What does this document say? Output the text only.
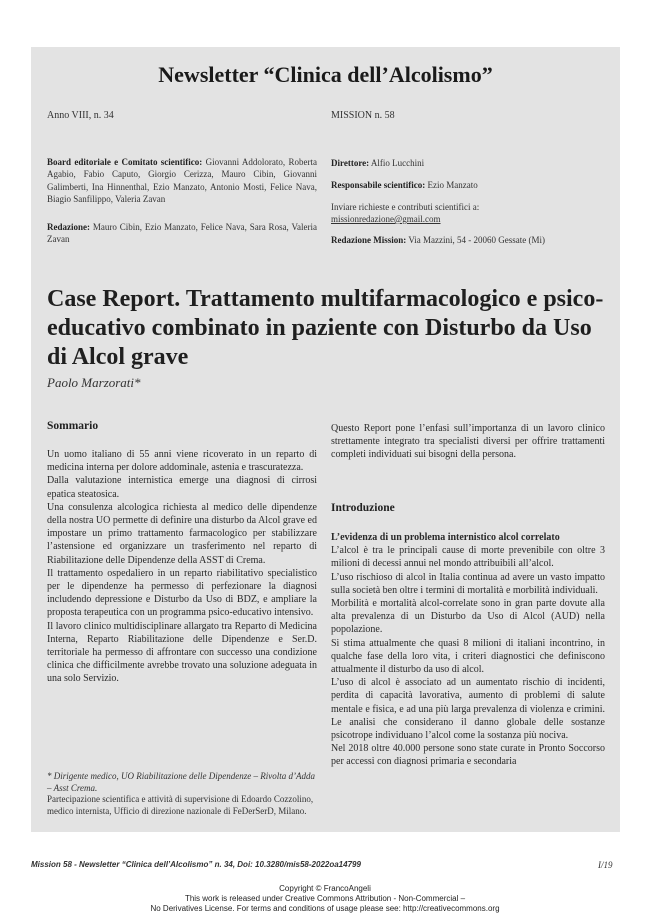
Newsletter “Clinica dell’Alcolismo”
Anno VIII, n. 34	MISSION n. 58
Board editoriale e Comitato scientifico: Giovanni Addolorato, Roberta Agabio, Fabio Caputo, Giorgio Cerizza, Mauro Cibin, Giovanni Galimberti, Ina Hinnenthal, Ezio Manzato, Antonio Mosti, Felice Nava, Biagio Sanfilippo, Valeria Zavan
Redazione: Mauro Cibin, Ezio Manzato, Felice Nava, Sara Rosa, Valeria Zavan
Direttore: Alfio Lucchini
Responsabile scientifico: Ezio Manzato
Inviare richieste e contributi scientifici a:
missionredazione@gmail.com
Redazione Mission: Via Mazzini, 54 - 20060 Gessate (Mi)
Case Report. Trattamento multifarmacologico e psico-educativo combinato in paziente con Disturbo da Uso di Alcol grave
Paolo Marzorati*
Sommario

Un uomo italiano di 55 anni viene ricoverato in un reparto di medicina interna per dolore addominale, astenia e trascuratezza.

Dalla valutazione internistica emerge una diagnosi di cirrosi epatica steatosica.

Una consulenza alcologica richiesta al medico delle dipendenze della nostra UO permette di definire una disturbo da Alcol grave ed impostare un primo trattamento farmacologico per stabilizzare l’astensione ed organizzare un trasferimento nel reparto di Riabilitazione delle Dipendenze della ASST di Crema.

Il trattamento ospedaliero in un reparto riabilitativo specialistico per le dipendenze ha permesso di perfezionare la diagnosi includendo depressione e Disturbo da Uso di BDZ, e ampliare la proposta terapeutica con un programma psico-educativo intensivo.

Il lavoro clinico multidisciplinare allargato tra Reparto di Medicina Interna, Reparto Riabilitazione delle Dipendenze e Ser.D. territoriale ha permesso di affrontare con successo una condizione clinica che difficilmente avrebbe trovato una soluzione adeguata in una solo Servizio.

* Dirigente medico, UO Riabilitazione delle Dipendenze – Rivolta d’Adda – Asst Crema.
Partecipazione scientifica e attività di supervisione di Edoardo Cozzolino, medico internista, Ufficio di direzione nazionale di FeDerSerD, Milano.
Questo Report pone l’enfasi sull’importanza di un lavoro clinico strettamente integrato tra specialisti diversi per offrire trattamenti completi individuati sui bisogni della persona.
Introduzione

L’evidenza di un problema internistico alcol correlato

L’alcol è tra le principali cause di morte prevenibile con oltre 3 milioni di decessi annui nel mondo attribuibili all’alcol.

L’uso rischioso di alcol in Italia continua ad avere un vasto impatto sulla società ben oltre i termini di mortalità e morbilità individuali.

Morbilità e mortalità alcol-correlate sono in gran parte dovute alla alta prevalenza di un Disturbo da Uso di Alcol (AUD) nella popolazione.

Si stima attualmente che quasi 8 milioni di italiani incontrino, in qualche fase della loro vita, i criteri diagnostici che definiscono attualmente il disturbo da uso di alcol.

L’uso di alcol è associato ad un aumentato rischio di incidenti, perdita di capacità lavorativa, aumento di problemi di salute mentale e fisica, e ad una più larga prevalenza di violenza e crimini. Le analisi che considerano il danno globale delle sostanze psicotrope individuano l’alcol come la sostanza più nociva.

Nel 2018 oltre 40.000 persone sono state curate in Pronto Soccorso per accessi con diagnosi primaria e secondaria

Mission 58 - Newsletter “Clinica dell’Alcolismo” n. 34, Doi: 10.3280/mis58-2022oa14799	I/19
Copyright © FrancoAngeli
This work is released under Creative Commons Attribution - Non-Commercial –
No Derivatives License. For terms and conditions of usage please see: http://creativecommons.org
